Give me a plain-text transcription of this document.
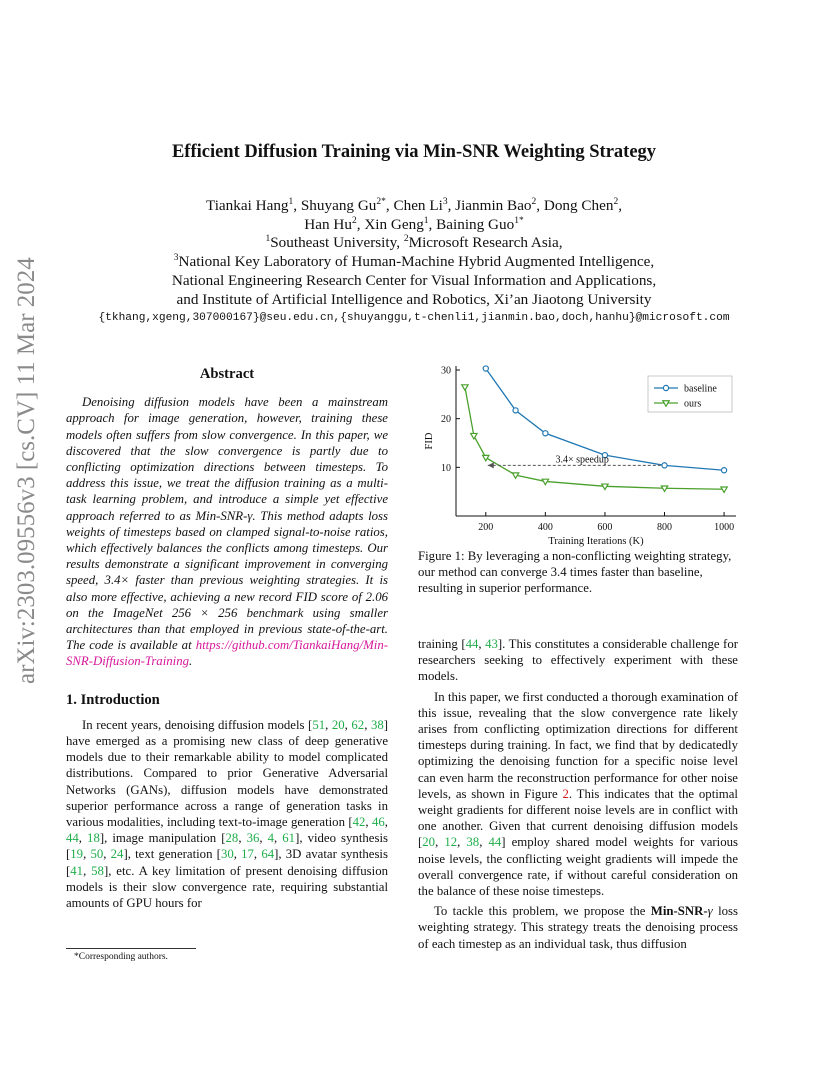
arXiv:2303.09556v3 [cs.CV] 11 Mar 2024
Efficient Diffusion Training via Min-SNR Weighting Strategy
Tiankai Hang$^1$, Shuyang $Gu^{2*}$, Chen Li$^3$, Jianmin Bao$^2$, Dong Chen$^2$,
Han Hu$^2$, Xin Geng$^1$, Baining Guo$^{1*}$
$^1$Southeast University, $^2$Microsoft Research Asia,
$^3$National Key Laboratory of Human-Machine Hybrid Augmented Intelligence,
National Engineering Research Center for Visual Information and Applications,
and Institute of Artificial Intelligence and Robotics, Xi’an Jiaotong University
{tkhang,xgeng,307000167}@seu.edu.cn,{shuyanggu,t-chenli1,jianmin.bao,doch,hanhu}@microsoft.com
Abstract

Denoising diffusion models have been a mainstream approach for image generation, however, training these models often suffers from slow convergence. In this paper, we discovered that the slow convergence is partly due to conflicting optimization directions between timesteps. To address this issue, we treat the diffusion training as a multi-task learning problem, and introduce a simple yet effective approach referred to as Min-SNR-γ. This method adapts loss weights of timesteps based on clamped signal-to-noise ratios, which effectively balances the conflicts among timesteps. Our results demonstrate a significant improvement in converging speed, 3.4× faster than previous weighting strategies. It is also more effective, achieving a new record FID score of 2.06 on the ImageNet 256 × 256 benchmark using smaller architectures than that employed in previous state-of-the-art. The code is available at https://github.com/TiankaiHang/Min-SNR-Diffusion-Training.

1. Introduction

In recent years, denoising diffusion models [51, 20, 62, 38] have emerged as a promising new class of deep generative models due to their remarkable ability to model complicated distributions. Compared to prior Generative Adversarial Networks (GANs), diffusion models have demonstrated superior performance across a range of generation tasks in various modalities, including text-to-image generation [42, 46, 44, 18], image manipulation [28, 36, 4, 61], video synthesis [19, 50, 24], text generation [30, 17, 64], 3D avatar synthesis [41, 58], etc. A key limitation of present denoising diffusion models is their slow convergence rate, requiring substantial amounts of GPU hours for

*Corresponding authors.
200	400	600	800	1000
10
20
30
Training Iterations (K)
FID
3.4× speedup
baseline
ours
Figure 1: By leveraging a non-conflicting weighting strategy, our method can converge 3.4 times faster than baseline, resulting in superior performance.

training [44, 43]. This constitutes a considerable challenge for researchers seeking to effectively experiment with these models.

In this paper, we first conducted a thorough examination of this issue, revealing that the slow convergence rate likely arises from conflicting optimization directions for different timesteps during training. In fact, we find that by dedicatedly optimizing the denoising function for a specific noise level can even harm the reconstruction performance for other noise levels, as shown in Figure 2. This indicates that the optimal weight gradients for different noise levels are in conflict with one another. Given that current denoising diffusion models [20, 12, 38, 44] employ shared model weights for various noise levels, the conflicting weight gradients will impede the overall convergence rate, if without careful consideration on the balance of these noise timesteps.

To tackle this problem, we propose the Min-SNR-γ loss weighting strategy. This strategy treats the denoising process of each timestep as an individual task, thus diffusion
